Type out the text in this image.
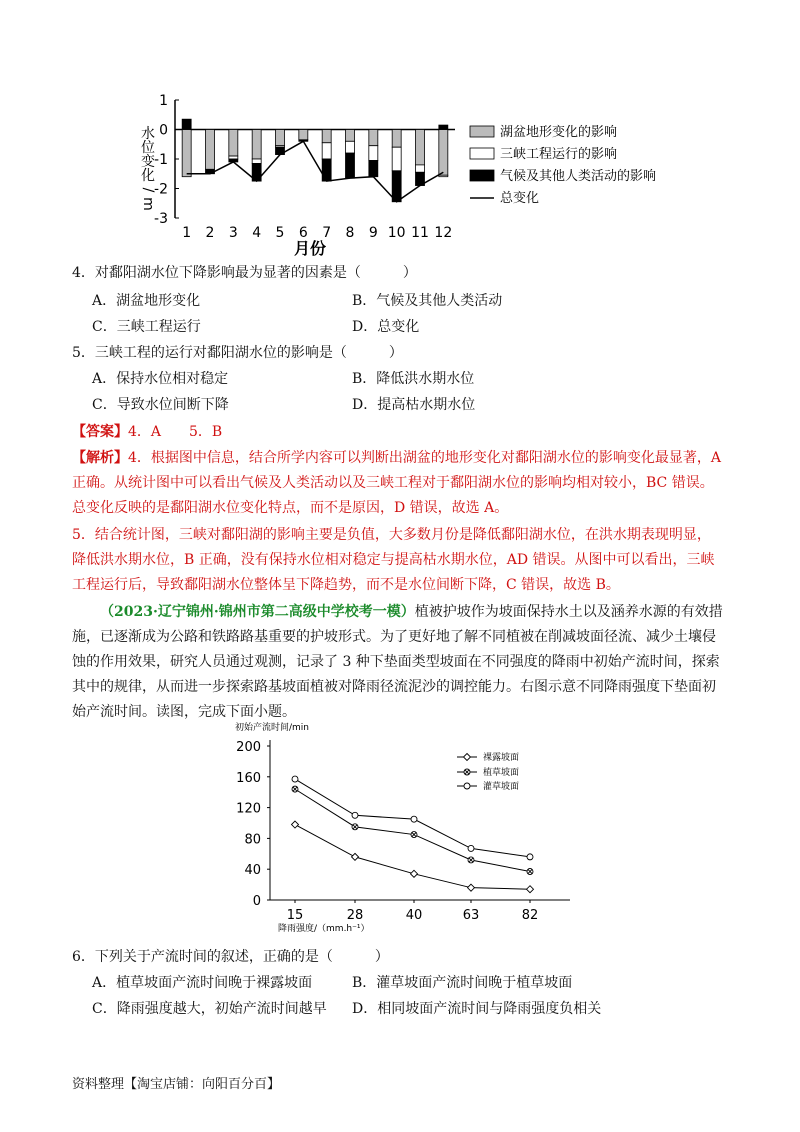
水
位
变
化
/
m
1
0
-1
-2
-3
1 2 3 4 5 6 7 8 9 10 11 12
月份
湖盆地形变化的影响
三峡工程运行的影响
气候及其他人类活动的影响
总变化
4．对鄱阳湖水位下降影响最为显著的因素是（　　　）
A．湖盆地形变化	B．气候及其他人类活动
C．三峡工程运行	D．总变化
5．三峡工程的运行对鄱阳湖水位的影响是（　　　）
A．保持水位相对稳定	B．降低洪水期水位
C．导致水位间断下降	D．提高枯水期水位
【答案】4．A　　5．B
【解析】4．根据图中信息，结合所学内容可以判断出湖盆的地形变化对鄱阳湖水位的影响变化最显著，A
正确。从统计图中可以看出气候及人类活动以及三峡工程对于鄱阳湖水位的影响均相对较小，BC 错误。
总变化反映的是鄱阳湖水位变化特点，而不是原因，D 错误，故选 A。
5．结合统计图，三峡对鄱阳湖的影响主要是负值，大多数月份是降低鄱阳湖水位，在洪水期表现明显，
降低洪水期水位，B 正确，没有保持水位相对稳定与提高枯水期水位，AD 错误。从图中可以看出，三峡
工程运行后，导致鄱阳湖水位整体呈下降趋势，而不是水位间断下降，C 错误，故选 B。
（2023·辽宁锦州·锦州市第二高级中学校考一模）植被护坡作为坡面保持水土以及涵养水源的有效措
施，已逐渐成为公路和铁路路基重要的护坡形式。为了更好地了解不同植被在削减坡面径流、减少土壤侵
蚀的作用效果，研究人员通过观测，记录了 3 种下垫面类型坡面在不同强度的降雨中初始产流时间，探索
其中的规律，从而进一步探索路基坡面植被对降雨径流泥沙的调控能力。右图示意不同降雨强度下垫面初
始产流时间。读图，完成下面小题。
初始产流时间/min
200
160
120
80
40
0
15	28	40	63	82
降雨强度/（mm.h⁻¹）
裸露坡面
植草坡面
灌草坡面
6．下列关于产流时间的叙述，正确的是（　　　）
A．植草坡面产流时间晚于裸露坡面	B．灌草坡面产流时间晚于植草坡面
C．降雨强度越大，初始产流时间越早 D．相同坡面产流时间与降雨强度负相关
资料整理【淘宝店铺：向阳百分百】
